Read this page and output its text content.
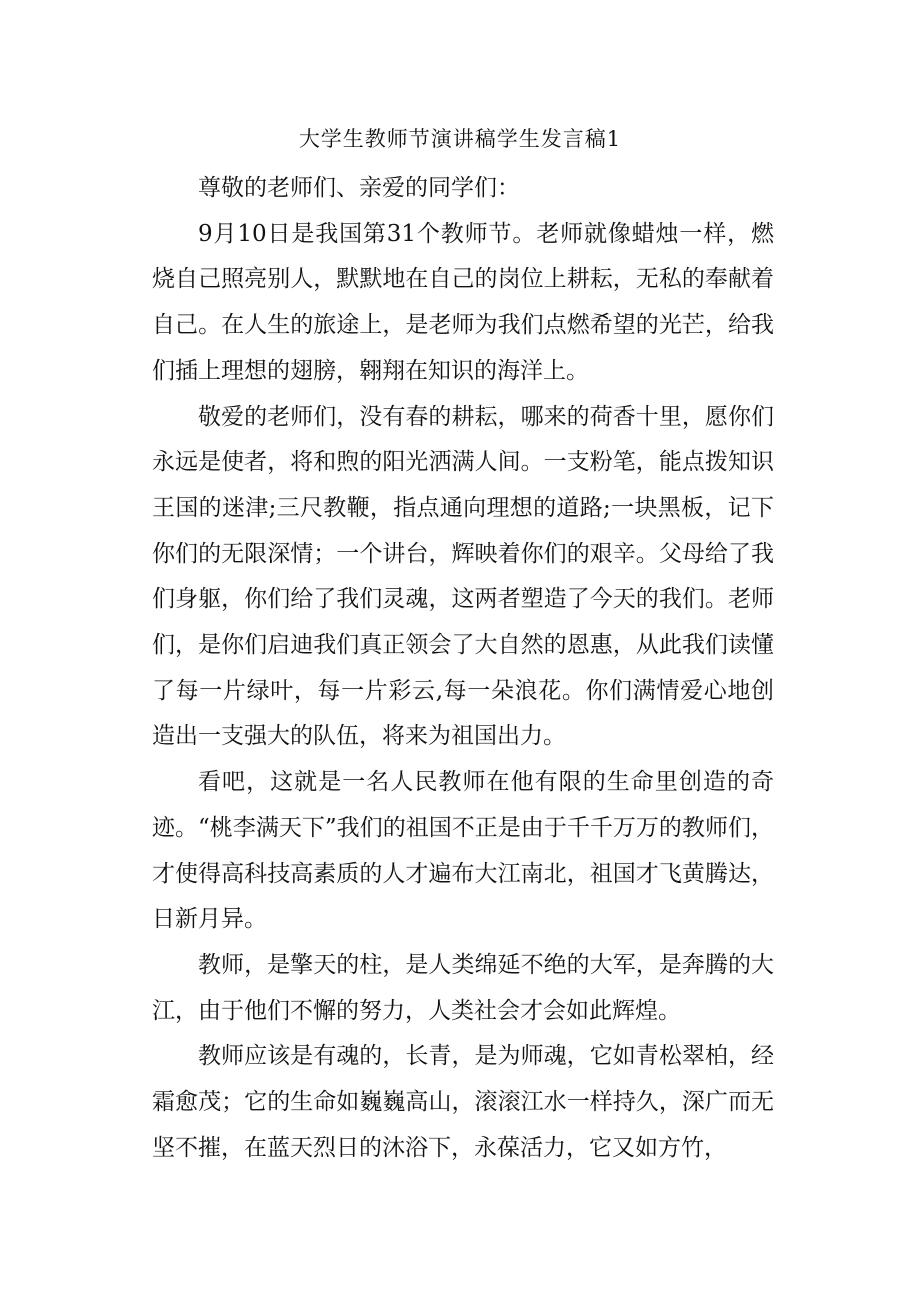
大学生教师节演讲稿学生发言稿1

尊敬的老师们、亲爱的同学们：

9月10日是我国第31个教师节。老师就像蜡烛一样，燃烧自己照亮别人，默默地在自己的岗位上耕耘，无私的奉献着自己。在人生的旅途上，是老师为我们点燃希望的光芒，给我们插上理想的翅膀，翱翔在知识的海洋上。

敬爱的老师们，没有春的耕耘，哪来的荷香十里，愿你们永远是使者，将和煦的阳光洒满人间。一支粉笔，能点拨知识王国的迷津;三尺教鞭，指点通向理想的道路;一块黑板，记下你们的无限深情；一个讲台，辉映着你们的艰辛。父母给了我们身躯，你们给了我们灵魂，这两者塑造了今天的我们。老师们，是你们启迪我们真正领会了大自然的恩惠，从此我们读懂了每一片绿叶，每一片彩云,每一朵浪花。你们满情爱心地创造出一支强大的队伍，将来为祖国出力。

看吧，这就是一名人民教师在他有限的生命里创造的奇迹。“桃李满天下”我们的祖国不正是由于千千万万的教师们，才使得高科技高素质的人才遍布大江南北，祖国才飞黄腾达，日新月异。

教师，是擎天的柱，是人类绵延不绝的大军，是奔腾的大江，由于他们不懈的努力，人类社会才会如此辉煌。

教师应该是有魂的，长青，是为师魂，它如青松翠柏，经霜愈茂；它的生命如巍巍高山，滚滚江水一样持久，深广而无坚不摧，在蓝天烈日的沐浴下，永葆活力，它又如方竹，
